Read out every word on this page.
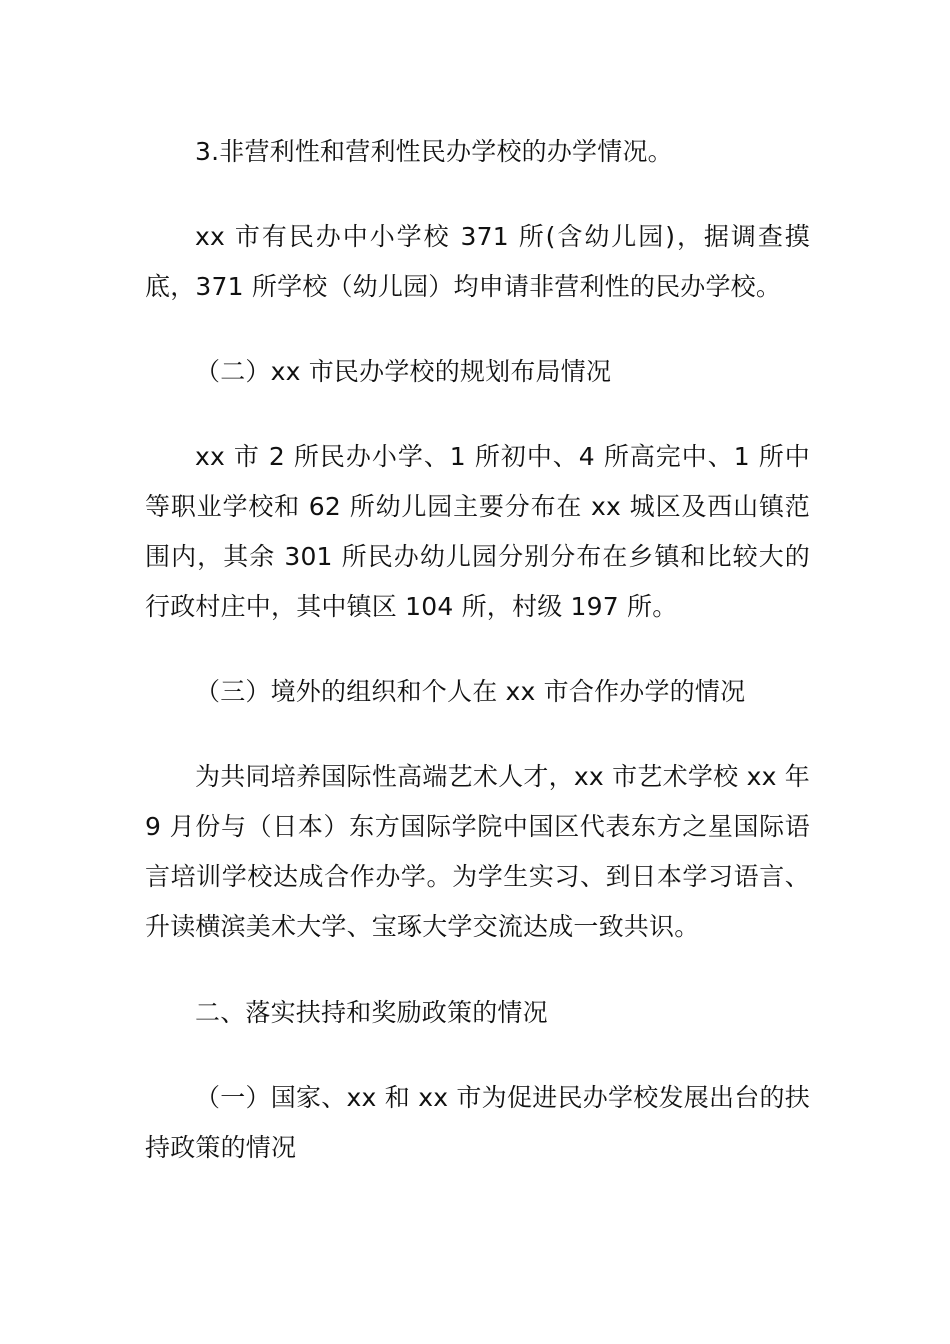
3.非营利性和营利性民办学校的办学情况。

xx 市有民办中小学校 371 所(含幼儿园)，据调查摸底，371 所学校（幼儿园）均申请非营利性的民办学校。

（二）xx 市民办学校的规划布局情况

xx 市 2 所民办小学、1 所初中、4 所高完中、1 所中等职业学校和 62 所幼儿园主要分布在 xx 城区及西山镇范围内，其余 301 所民办幼儿园分别分布在乡镇和比较大的行政村庄中，其中镇区 104 所，村级 197 所。

（三）境外的组织和个人在 xx 市合作办学的情况

为共同培养国际性高端艺术人才，xx 市艺术学校 xx 年 9 月份与（日本）东方国际学院中国区代表东方之星国际语言培训学校达成合作办学。为学生实习、到日本学习语言、升读横滨美术大学、宝琢大学交流达成一致共识。

二、落实扶持和奖励政策的情况

（一）国家、xx 和 xx 市为促进民办学校发展出台的扶持政策的情况
